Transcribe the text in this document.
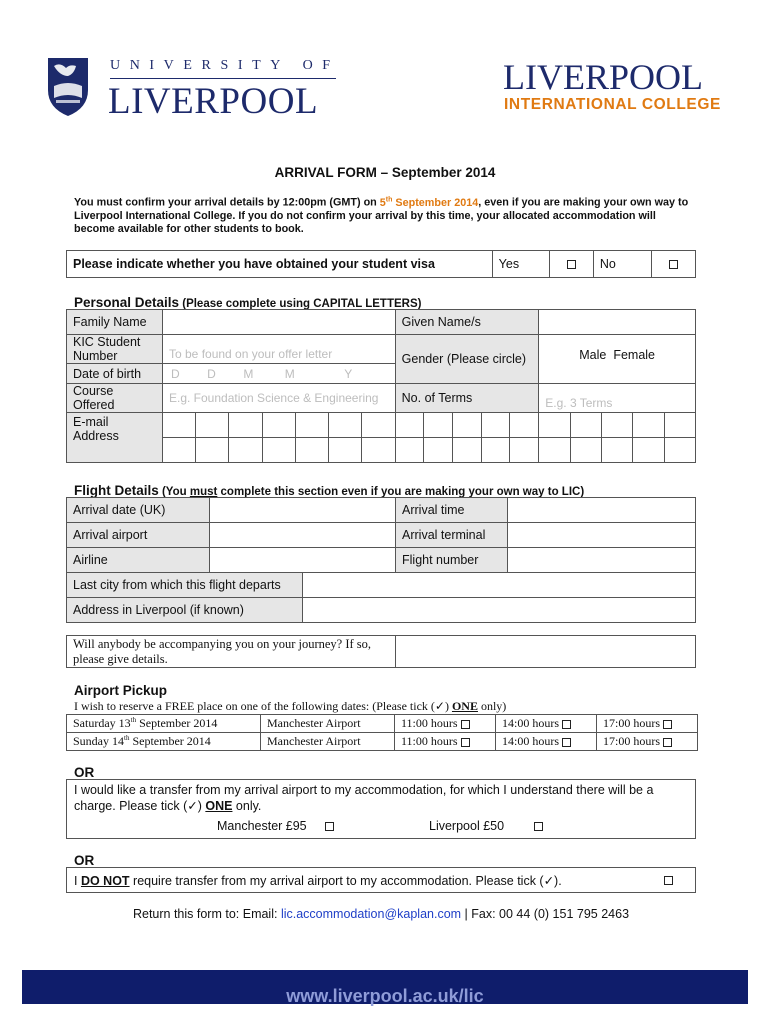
UNIVERSITY OF
LIVERPOOL
LIVERPOOL
INTERNATIONAL COLLEGE
ARRIVAL FORM – September 2014
You must confirm your arrival details by 12:00pm (GMT) on 5th September 2014, even if you are making your own way to Liverpool International College. If you do not confirm your arrival by this time, your allocated accommodation will become available for other students to book.
Please indicate whether you have obtained your student visa	Yes		No	
Personal Details (Please complete using CAPITAL LETTERS)
Family Name								Given Name/s									
KIC Student Number	To be found on your offer letter							Gender (Please circle)					Male Female				

Date of birth	D D M M Y																
Course Offered	E.g. Foundation Science & Engineering							No. of Terms					E.g. 3 Terms				
E-mail Address																	

Flight Details (You must complete this section even if you are making your own way to LIC)
Arrival date (UK)		Arrival time	
Arrival airport		Arrival terminal	
Airline		Flight number	
Last city from which this flight departs	
Address in Liverpool (if known)	
Will anybody be accompanying you on your journey? If so, please give details.	
Airport Pickup
I wish to reserve a FREE place on one of the following dates: (Please tick (✓) ONE only)
Saturday 13th September 2014	Manchester Airport	11:00 hours	14:00 hours	17:00 hours
Sunday 14th September 2014	Manchester Airport	11:00 hours	14:00 hours	17:00 hours
OR
I would like a transfer from my arrival airport to my accommodation, for which I understand there will be a charge. Please tick (✓) ONE only.
Manchester £95	Liverpool £50
OR
I DO NOT require transfer from my arrival airport to my accommodation. Please tick (✓).
Return this form to: Email: lic.accommodation@kaplan.com | Fax: 00 44 (0) 151 795 2463
www.liverpool.ac.uk/lic
